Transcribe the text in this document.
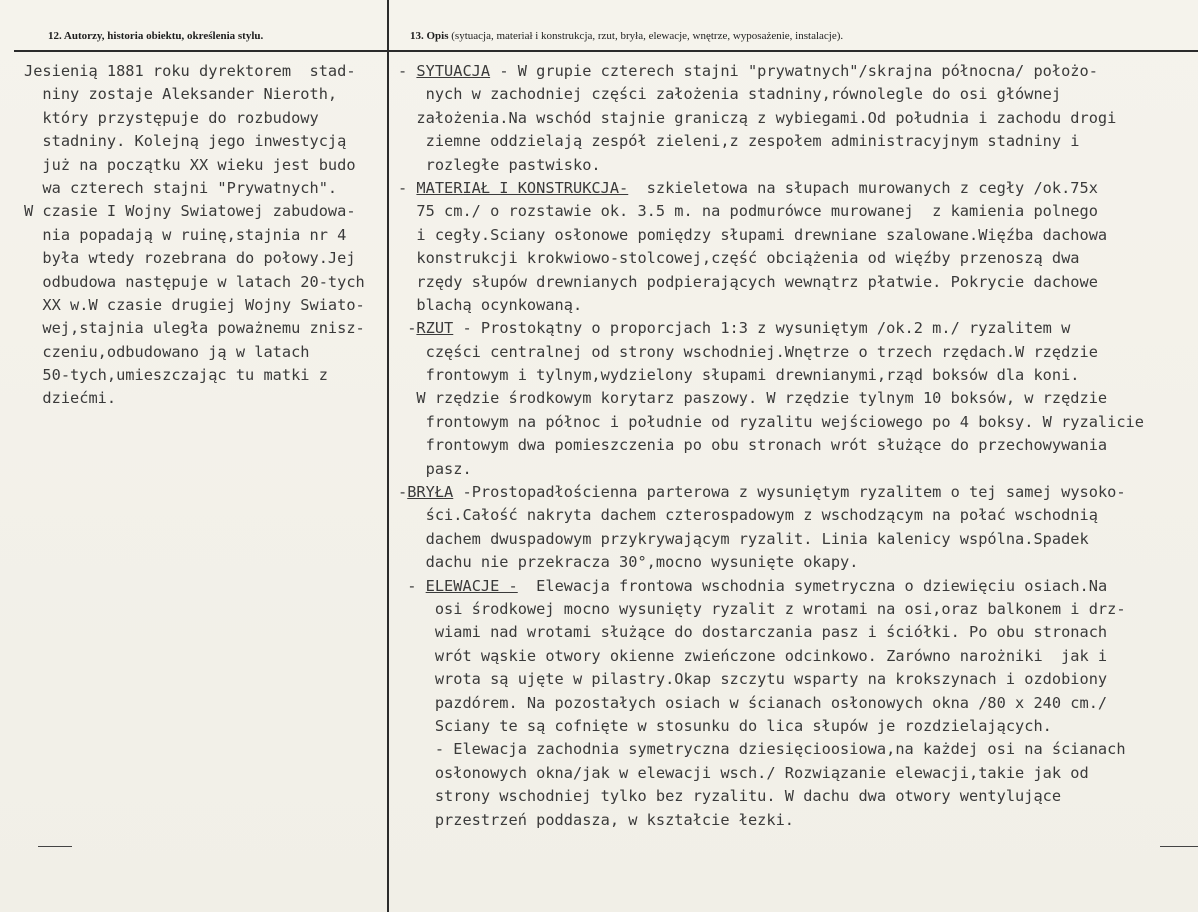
12. Autorzy, historia obiektu, określenia stylu.	13. Opis (sytuacja, materiał i konstrukcja, rzut, bryła, elewacje, wnętrze, wyposażenie, instalacje).
Jesienią 1881 roku dyrektorem  stad-
niny zostaje Aleksander Nieroth,
który przystępuje do rozbudowy
stadniny. Kolejną jego inwestycją
już na początku XX wieku jest budo
wa czterech stajni "Prywatnych".
W czasie I Wojny Swiatowej zabudowa-
nia popadają w ruinę,stajnia nr 4
była wtedy rozebrana do połowy.Jej
odbudowa następuje w latach 20-tych
XX w.W czasie drugiej Wojny Swiato-
wej,stajnia uległa poważnemu znisz-
czeniu,odbudowano ją w latach
50-tych,umieszczając tu matki z
dziećmi.
- SYTUACJA - W grupie czterech stajni "prywatnych"/skrajna północna/ położo-
nych w zachodniej części założenia stadniny,równolegle do osi głównej
założenia.Na wschód stajnie graniczą z wybiegami.Od południa i zachodu drogi
ziemne oddzielają zespół zieleni,z zespołem administracyjnym stadniny i
rozległe pastwisko.
- MATERIAŁ I KONSTRUKCJA-  szkieletowa na słupach murowanych z cegły /ok.75x
75 cm./ o rozstawie ok. 3.5 m. na podmurówce murowanej  z kamienia polnego
i cegły.Sciany osłonowe pomiędzy słupami drewniane szalowane.Więźba dachowa
konstrukcji krokwiowo-stolcowej,część obciążenia od więźby przenoszą dwa
rzędy słupów drewnianych podpierających wewnątrz płatwie. Pokrycie dachowe
blachą ocynkowaną.
-RZUT - Prostokątny o proporcjach 1:3 z wysuniętym /ok.2 m./ ryzalitem w
części centralnej od strony wschodniej.Wnętrze o trzech rzędach.W rzędzie
frontowym i tylnym,wydzielony słupami drewnianymi,rząd boksów dla koni.
W rzędzie środkowym korytarz paszowy. W rzędzie tylnym 10 boksów, w rzędzie
frontowym na północ i południe od ryzalitu wejściowego po 4 boksy. W ryzalicie
frontowym dwa pomieszczenia po obu stronach wrót służące do przechowywania
pasz.
-BRYŁA -Prostopadłościenna parterowa z wysuniętym ryzalitem o tej samej wysoko-
ści.Całość nakryta dachem czterospadowym z wschodzącym na połać wschodnią
dachem dwuspadowym przykrywającym ryzalit. Linia kalenicy wspólna.Spadek
dachu nie przekracza 30°,mocno wysunięte okapy.
- ELEWACJE -  Elewacja frontowa wschodnia symetryczna o dziewięciu osiach.Na
osi środkowej mocno wysunięty ryzalit z wrotami na osi,oraz balkonem i drz-
wiami nad wrotami służące do dostarczania pasz i ściółki. Po obu stronach
wrót wąskie otwory okienne zwieńczone odcinkowo. Zarówno narożniki  jak i
wrota są ujęte w pilastry.Okap szczytu wsparty na krokszynach i ozdobiony
pazdórem. Na pozostałych osiach w ścianach osłonowych okna /80 x 240 cm./
Sciany te są cofnięte w stosunku do lica słupów je rozdzielających.
- Elewacja zachodnia symetryczna dziesięcioosiowa,na każdej osi na ścianach
osłonowych okna/jak w elewacji wsch./ Rozwiązanie elewacji,takie jak od
strony wschodniej tylko bez ryzalitu. W dachu dwa otwory wentylujące
przestrzeń poddasza, w kształcie łezki.
